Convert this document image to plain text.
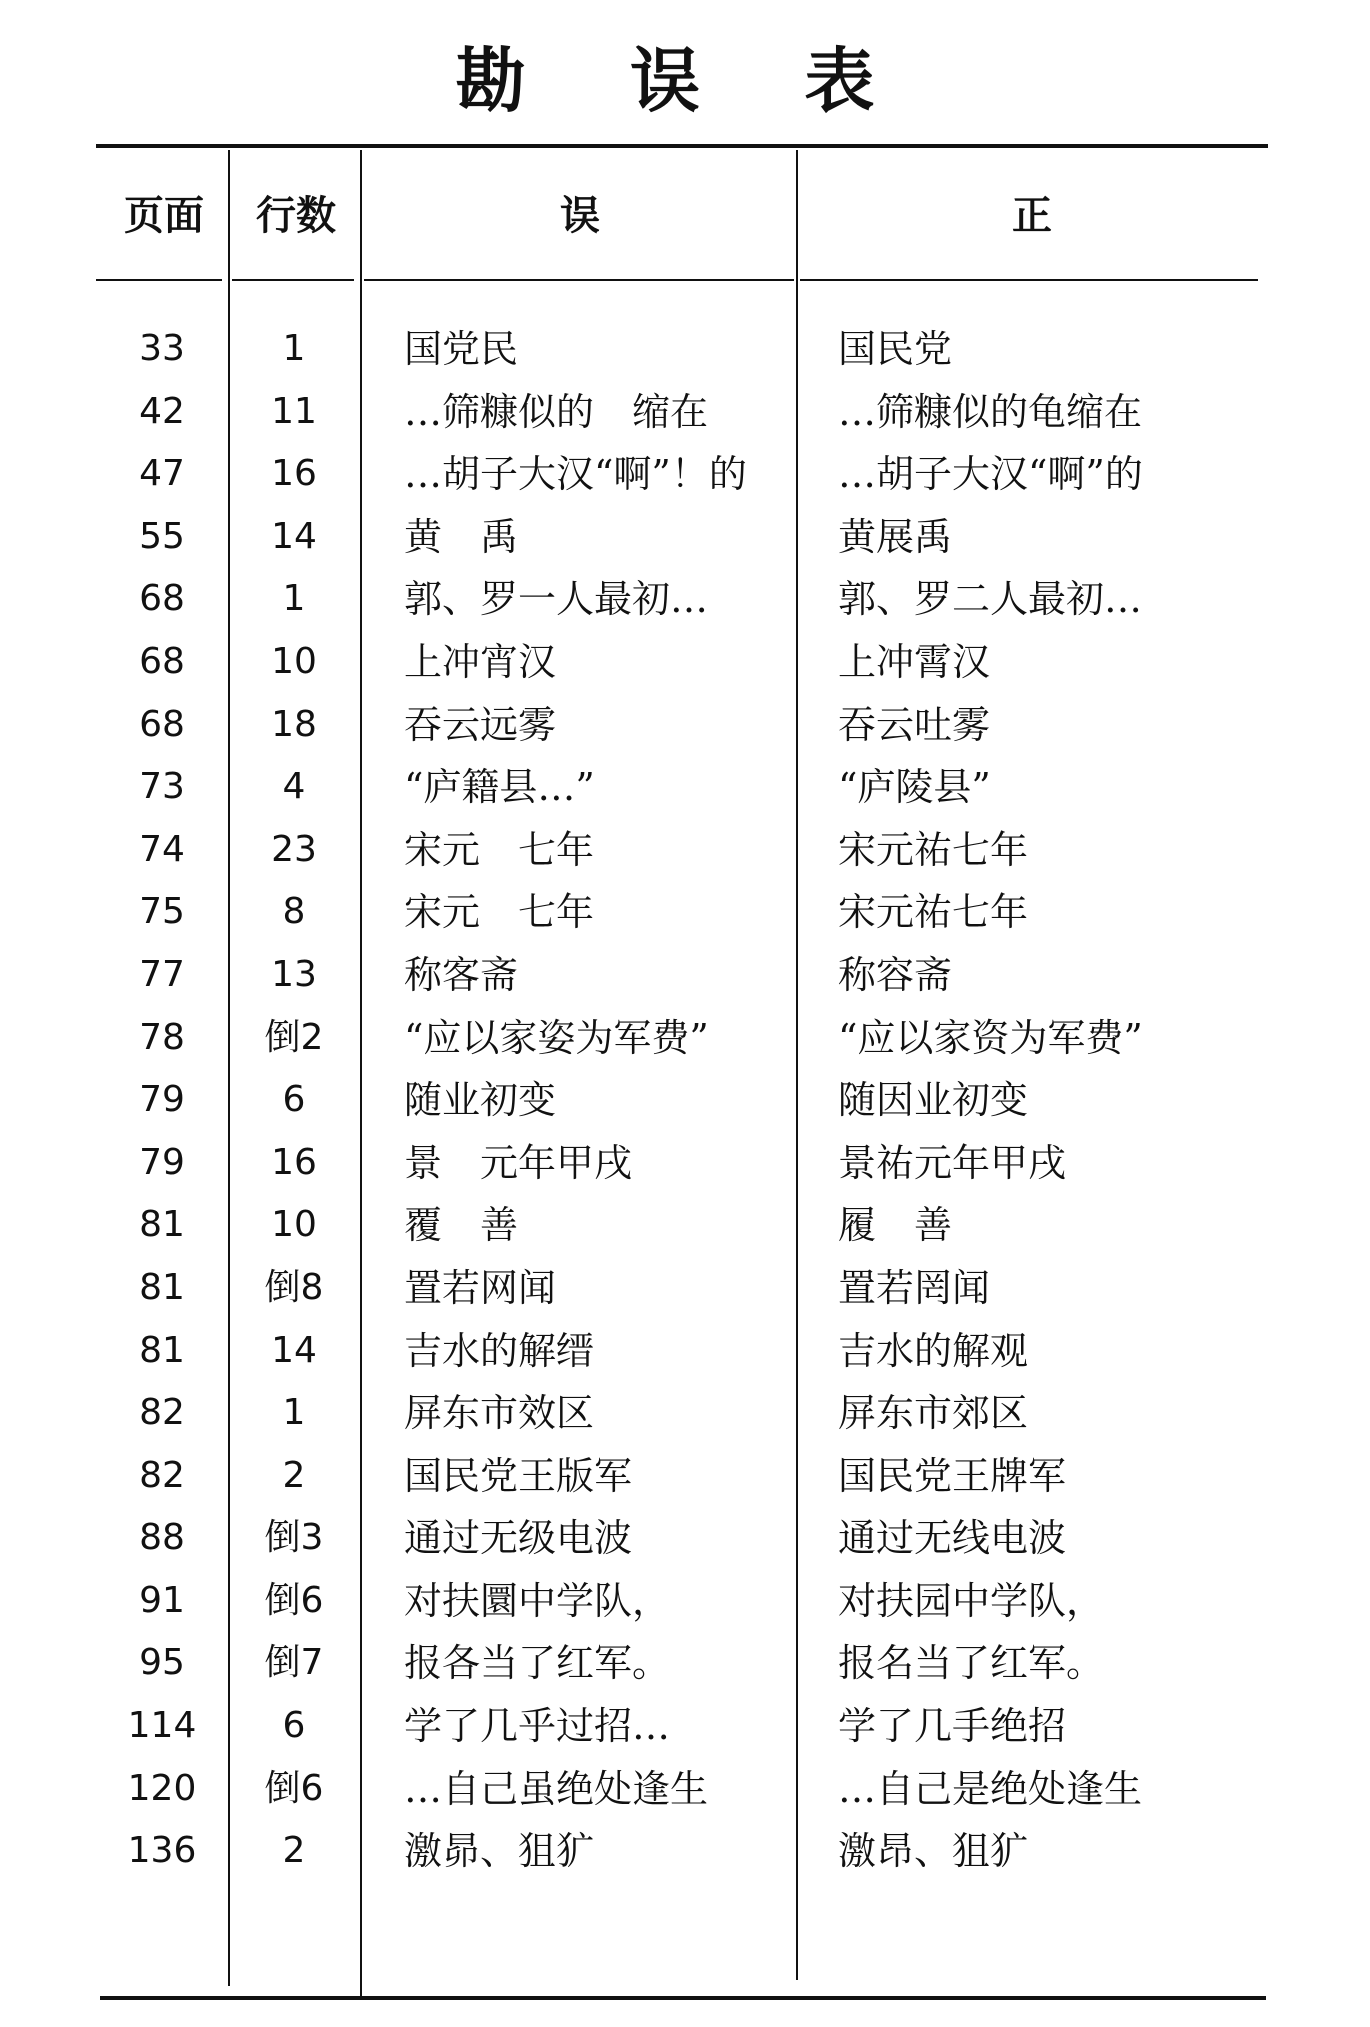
勘 误 表
页面	行数	误	正
33	1	国党民	国民党
42	11	…筛糠似的　缩在	…筛糠似的龟缩在
47	16	…胡子大汉“啊”！的	…胡子大汉“啊”的
55	14	黄　禹	黄展禹
68	1	郭、罗一人最初…	郭、罗二人最初…
68	10	上冲宵汉	上冲霄汉
68	18	吞云远雾	吞云吐雾
73	4	“庐籍县…”	“庐陵县”
74	23	宋元　七年	宋元祐七年
75	8	宋元　七年	宋元祐七年
77	13	称客斋	称容斋
78	倒2	“应以家姿为军费”	“应以家资为军费”
79	6	随业初变	随因业初变
79	16	景　元年甲戌	景祐元年甲戌
81	10	覆　善	履　善
81	倒8	置若网闻	置若罔闻
81	14	吉水的解缙	吉水的解观
82	1	屏东市效区	屏东市郊区
82	2	国民党王版军	国民党王牌军
88	倒3	通过无级电波	通过无线电波
91	倒6	对扶圜中学队，	对扶园中学队，
95	倒7	报各当了红军。	报名当了红军。
114	6	学了几乎过招…	学了几手绝招
120	倒6	…自己虽绝处逢生	…自己是绝处逢生
136	2	激昴、狙犷	激昂、狙犷
